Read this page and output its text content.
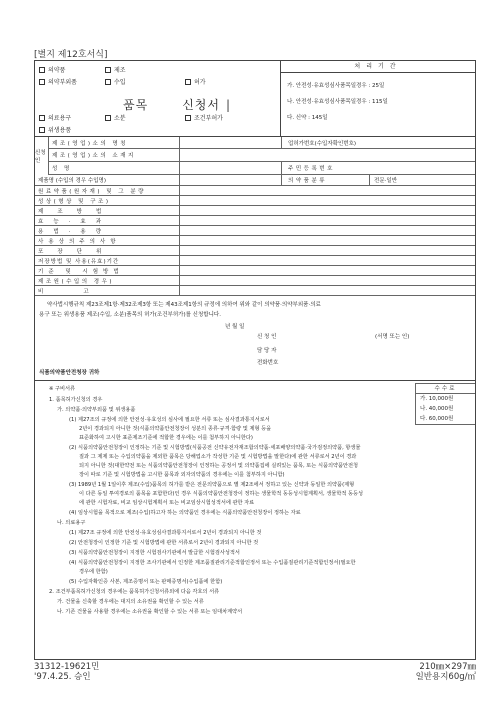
[별지 제12호서식]
의약품	제조
의약부외품	수입	허가
의료용구	소분	조건부허가
위생용품
품목	신청서 |
처리기간
가. 안전성·유효성심사품목일경우 : 25일
나. 안전성·유효성심사품목일경우 : 115일
다. 신약 : 145일
신청인
제조(영업)소의 명칭	업허가번호(수입자확인번호)
제조(영업)소의 소재지
성 명	주민등록번호
제품명 (수입의 경우 수입명)	의약품분류	전문·일반
원료약품(원자재) 및 그 분량
성상(형상 및 구조)
제조방법
효능·효과
용법·용량
사용상의주의사항
포장단위
저장방법 및 사용(유효)기간
기준 및 시험방법
제조원(수입의 경우)
비고
약사법시행규칙 제23조제1항·제32조제3항 또는 제43조제1항의 규정에 의하여 위와 같이 의약품·의약부외품·의료
용구 또는 위생용품 제조(수입, 소분)품목의 허가(조건부허가)를 신청합니다.
년 월 일
신 청 인	(서명 또는 인)
담 당 자
전화번호
식품의약품안전청장 귀하
※ 구비서류	수수료
가. 10,000원
나. 40,000원
다. 60,000원
1. 품목허가신청의 경우
가. 의약품·의약부외품 및 위생용품
(1) 제27조의 규정에 의한 안전성·유효성의 심사에 필요한 서류 또는 심사결과통지서로서
2년이 경과되지 아니한 것(식품의약품안전청장이 성분의 종류·규격·함량 및 제형 등을
표준화하여 고시한 표준제조기준에 적합한 경우에는 이를 첨부하지 아니한다)
(2) 식품의약품안전청장이 인정하는 기준 및 시험방법(식품공전 신약유전자재조합의약품·세포배양의약품·국가검정의약품, 항생물
질과 그 제제 또는 수입의약품을 제외한 품목은 당해업소가 작성한 기준 및 시험방법을 말한다)에 관한 서류로서 2년이 경과
되지 아니한 것(대한약전 또는 식품의약품안전청장이 인정하는 공정서 및 의약품집에 실려있는 품목, 또는 식품의약품안전청
장이 따로 기준 및 시험방법을 고시한 품목과 외자의약품의 경우에는 이를 첨부하지 아니함)
(3) 1989년 1월 1일이후 제조(수입)품목의 허가를 받은 전문의약품으로 별 제2조에서 정하고 있는 신약과 동일한 의약품(제형
이 다른 동일 투여경로의 품목을 포함한다)인 경우 식품의약품안전청장이 정하는 생물학적 동등성시험계획서, 생물학적 동등성
에 관한 시험자료, 비교 임상시험계획서 또는 비교임상시험성적서에 관한 자료
(4) 임상시험을 목적으로 제조(수입)하고자 하는 의약품인 경우에는 식품의약품안전청장이 정하는 자료
나. 의료용구
(1) 제27조 규정에 의한 안전성·유효성심사결과통지서로서 2년이 경과되지 아니한 것
(2) 안전청장이 인정한 기준 및 시험방법에 관한 서류로서 2년이 경과되지 아니한 것
(3) 식품의약품안전청장이 지정한 시험검사기관에서 발급한 시험검사성적서
(4) 식품의약품안전청장이 지정한 조사기관에서 인정한 제조품질관리기준적합인정서 또는 수입품질관리기준적합인정서(필요한
경우에 한함)
(5) 수입자확인증 사본, 제조증명서 또는 판매증명서(수입품에 한함)
2. 조건부품목허가신청의 경우에는 품목허가신청서류외에 다음 각호의 서류
가. 건물을 신축할 경우에는 대지의 소유권을 확인할 수 있는 서류
나. 기존 건물을 사용할 경우에는 소유권을 확인할 수 있는 서류 또는 임대차계약서
31312-19621민
'97.4.25. 승인
210㎜×297㎜
일반용지60g/㎡
